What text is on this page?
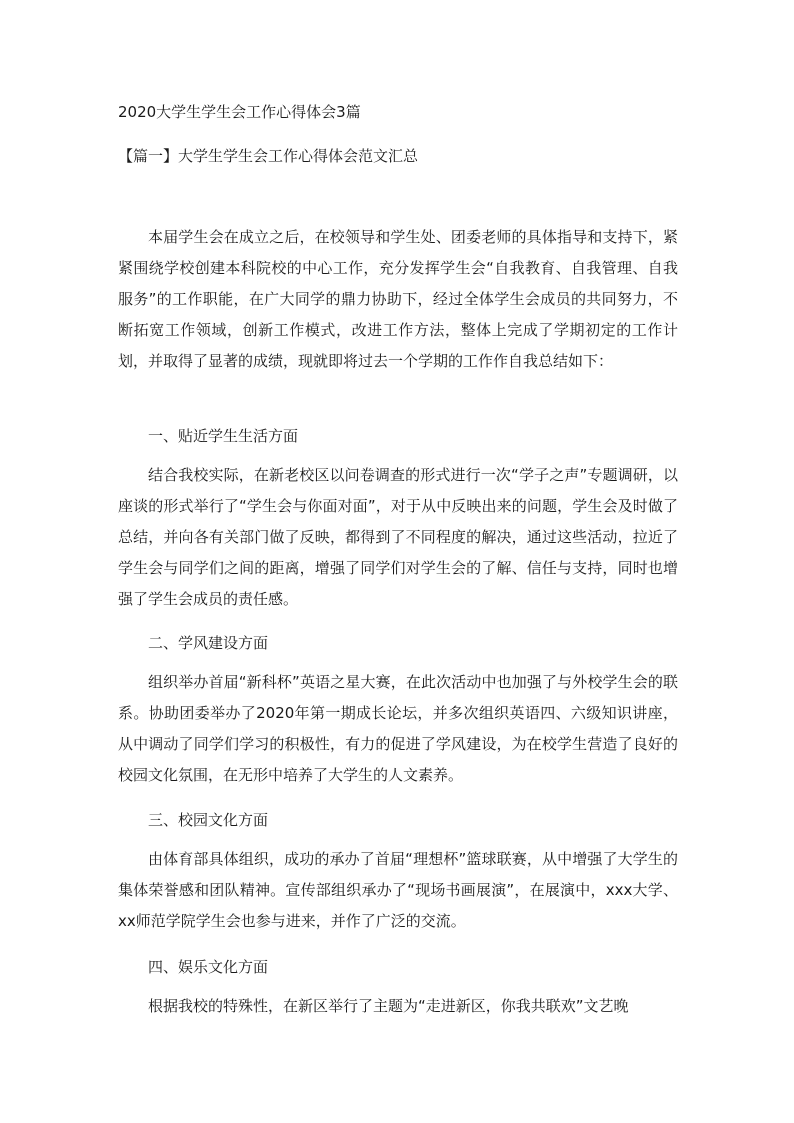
2020大学生学生会工作心得体会3篇
【篇一】大学生学生会工作心得体会范文汇总

本届学生会在成立之后，在校领导和学生处、团委老师的具体指导和支持下，紧紧围绕学校创建本科院校的中心工作，充分发挥学生会“自我教育、自我管理、自我服务”的工作职能，在广大同学的鼎力协助下，经过全体学生会成员的共同努力，不断拓宽工作领域，创新工作模式，改进工作方法，整体上完成了学期初定的工作计划，并取得了显著的成绩，现就即将过去一个学期的工作作自我总结如下：

一、贴近学生生活方面

结合我校实际，在新老校区以问卷调查的形式进行一次“学子之声”专题调研，以座谈的形式举行了“学生会与你面对面”，对于从中反映出来的问题，学生会及时做了总结，并向各有关部门做了反映，都得到了不同程度的解决，通过这些活动，拉近了学生会与同学们之间的距离，增强了同学们对学生会的了解、信任与支持，同时也增强了学生会成员的责任感。

二、学风建设方面

组织举办首届“新科杯”英语之星大赛，在此次活动中也加强了与外校学生会的联系。协助团委举办了2020年第一期成长论坛，并多次组织英语四、六级知识讲座，从中调动了同学们学习的积极性，有力的促进了学风建设，为在校学生营造了良好的校园文化氛围，在无形中培养了大学生的人文素养。

三、校园文化方面

由体育部具体组织，成功的承办了首届“理想杯”篮球联赛，从中增强了大学生的集体荣誉感和团队精神。宣传部组织承办了“现场书画展演”，在展演中，xxx大学、xx师范学院学生会也参与进来，并作了广泛的交流。

四、娱乐文化方面

根据我校的特殊性，在新区举行了主题为“走进新区，你我共联欢”文艺晚
